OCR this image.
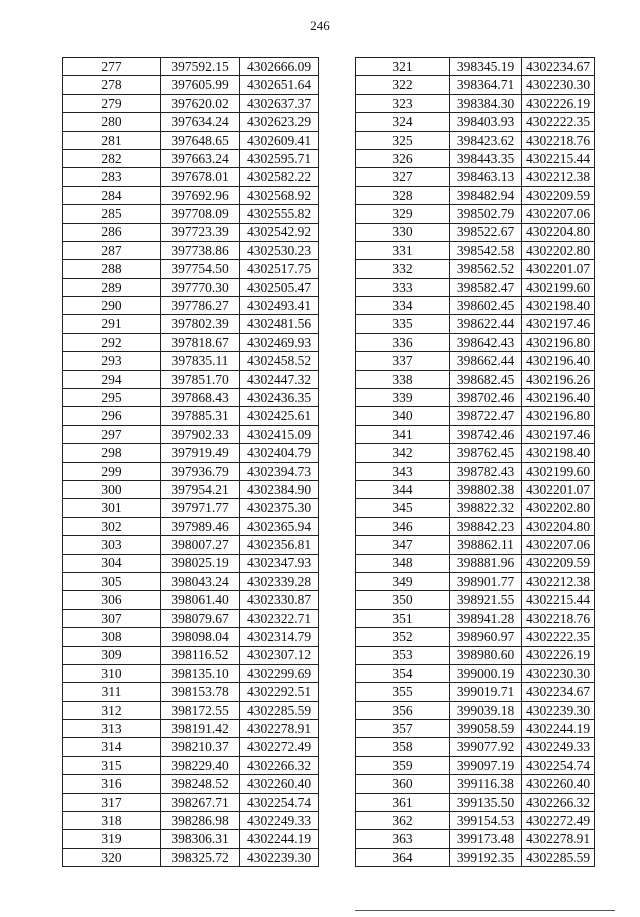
246
277	397592.15	4302666.09
278	397605.99	4302651.64
279	397620.02	4302637.37
280	397634.24	4302623.29
281	397648.65	4302609.41
282	397663.24	4302595.71
283	397678.01	4302582.22
284	397692.96	4302568.92
285	397708.09	4302555.82
286	397723.39	4302542.92
287	397738.86	4302530.23
288	397754.50	4302517.75
289	397770.30	4302505.47
290	397786.27	4302493.41
291	397802.39	4302481.56
292	397818.67	4302469.93
293	397835.11	4302458.52
294	397851.70	4302447.32
295	397868.43	4302436.35
296	397885.31	4302425.61
297	397902.33	4302415.09
298	397919.49	4302404.79
299	397936.79	4302394.73
300	397954.21	4302384.90
301	397971.77	4302375.30
302	397989.46	4302365.94
303	398007.27	4302356.81
304	398025.19	4302347.93
305	398043.24	4302339.28
306	398061.40	4302330.87
307	398079.67	4302322.71
308	398098.04	4302314.79
309	398116.52	4302307.12
310	398135.10	4302299.69
311	398153.78	4302292.51
312	398172.55	4302285.59
313	398191.42	4302278.91
314	398210.37	4302272.49
315	398229.40	4302266.32
316	398248.52	4302260.40
317	398267.71	4302254.74
318	398286.98	4302249.33
319	398306.31	4302244.19
320	398325.72	4302239.30
321	398345.19	4302234.67
322	398364.71	4302230.30
323	398384.30	4302226.19
324	398403.93	4302222.35
325	398423.62	4302218.76
326	398443.35	4302215.44
327	398463.13	4302212.38
328	398482.94	4302209.59
329	398502.79	4302207.06
330	398522.67	4302204.80
331	398542.58	4302202.80
332	398562.52	4302201.07
333	398582.47	4302199.60
334	398602.45	4302198.40
335	398622.44	4302197.46
336	398642.43	4302196.80
337	398662.44	4302196.40
338	398682.45	4302196.26
339	398702.46	4302196.40
340	398722.47	4302196.80
341	398742.46	4302197.46
342	398762.45	4302198.40
343	398782.43	4302199.60
344	398802.38	4302201.07
345	398822.32	4302202.80
346	398842.23	4302204.80
347	398862.11	4302207.06
348	398881.96	4302209.59
349	398901.77	4302212.38
350	398921.55	4302215.44
351	398941.28	4302218.76
352	398960.97	4302222.35
353	398980.60	4302226.19
354	399000.19	4302230.30
355	399019.71	4302234.67
356	399039.18	4302239.30
357	399058.59	4302244.19
358	399077.92	4302249.33
359	399097.19	4302254.74
360	399116.38	4302260.40
361	399135.50	4302266.32
362	399154.53	4302272.49
363	399173.48	4302278.91
364	399192.35	4302285.59
